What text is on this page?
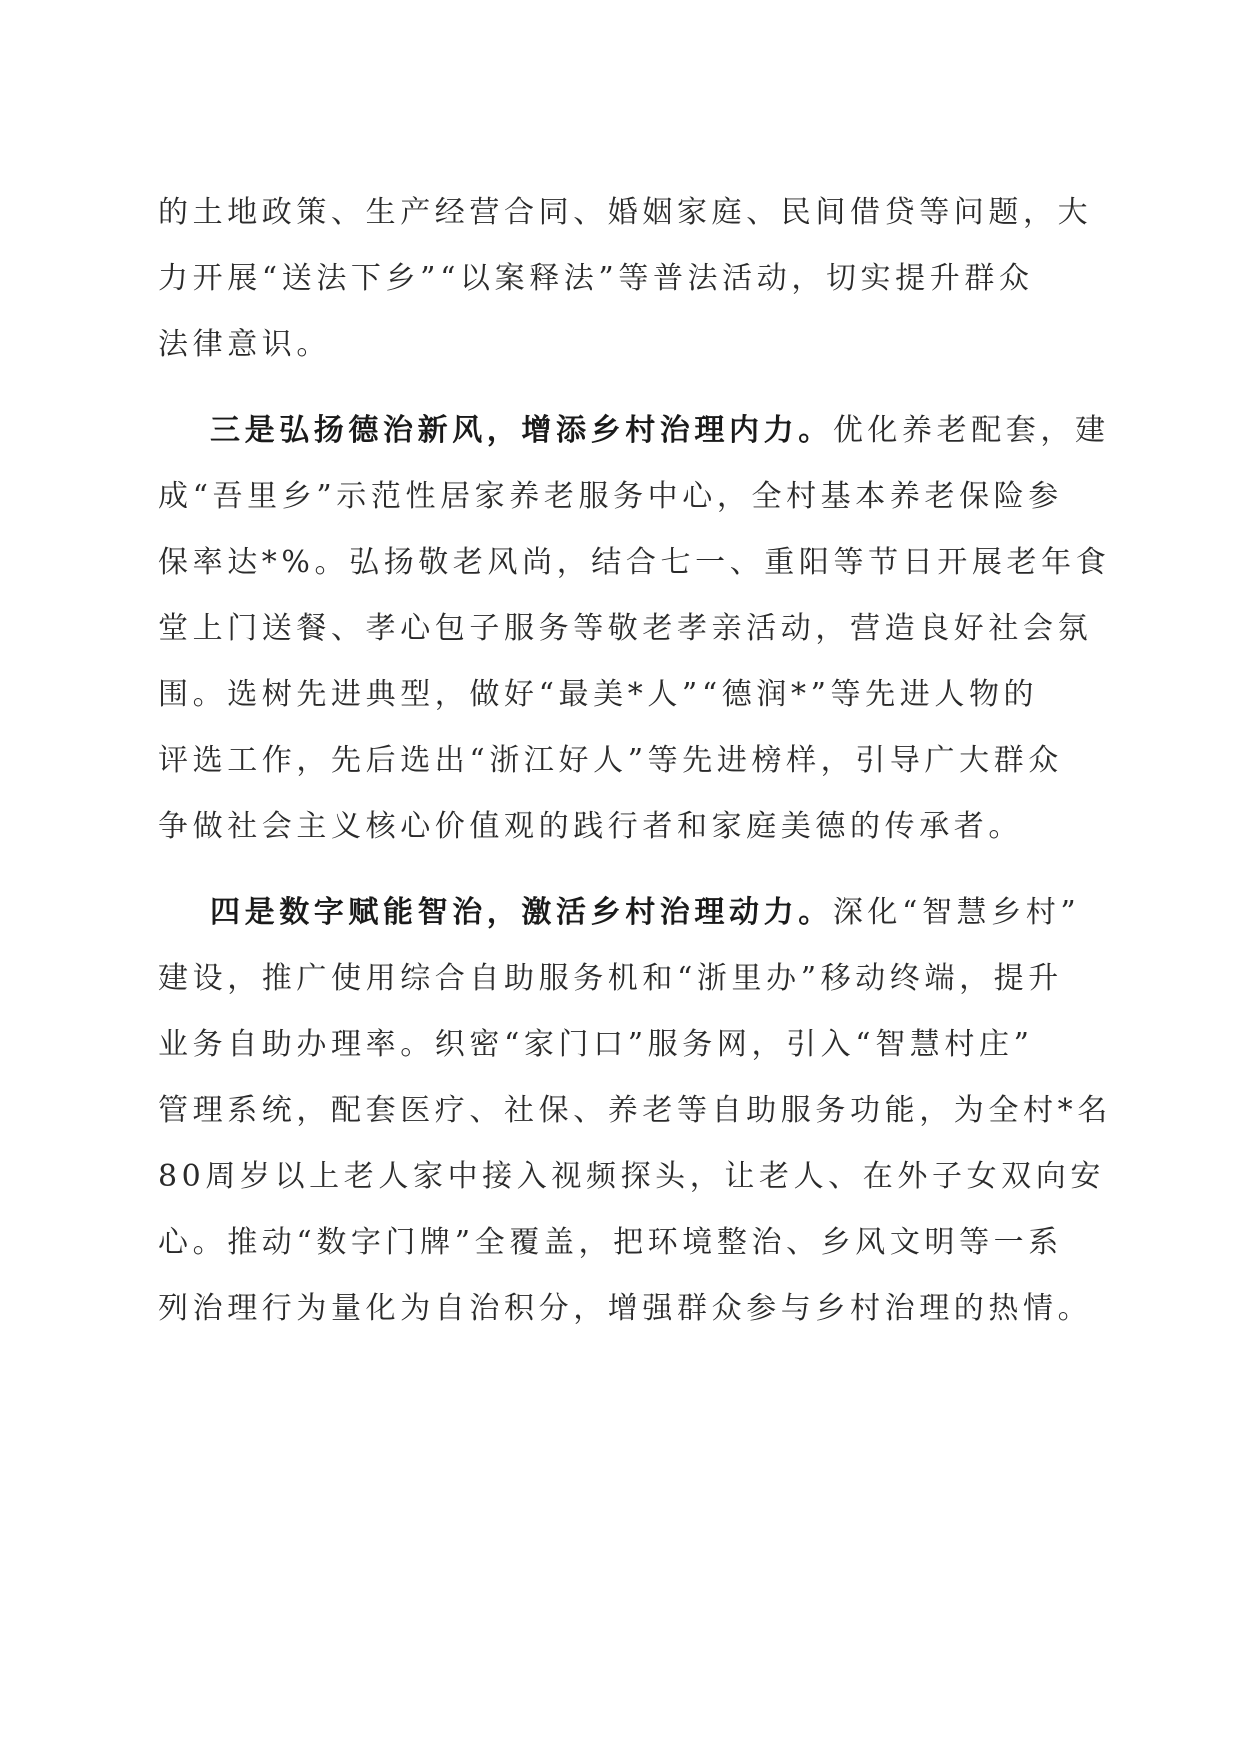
的土地政策、生产经营合同、婚姻家庭、民间借贷等问题，大
力开展“送法下乡”“以案释法”等普法活动，切实提升群众
法律意识。
三是弘扬德治新风，增添乡村治理内力。优化养老配套，建
成“吾里乡”示范性居家养老服务中心，全村基本养老保险参
保率达*%。弘扬敬老风尚，结合七一、重阳等节日开展老年食
堂上门送餐、孝心包子服务等敬老孝亲活动，营造良好社会氛
围。选树先进典型，做好“最美*人”“德润*”等先进人物的
评选工作，先后选出“浙江好人”等先进榜样，引导广大群众
争做社会主义核心价值观的践行者和家庭美德的传承者。
四是数字赋能智治，激活乡村治理动力。深化“智慧乡村”
建设，推广使用综合自助服务机和“浙里办”移动终端，提升
业务自助办理率。织密“家门口”服务网，引入“智慧村庄”
管理系统，配套医疗、社保、养老等自助服务功能，为全村*名
80周岁以上老人家中接入视频探头，让老人、在外子女双向安
心。推动“数字门牌”全覆盖，把环境整治、乡风文明等一系
列治理行为量化为自治积分，增强群众参与乡村治理的热情。
